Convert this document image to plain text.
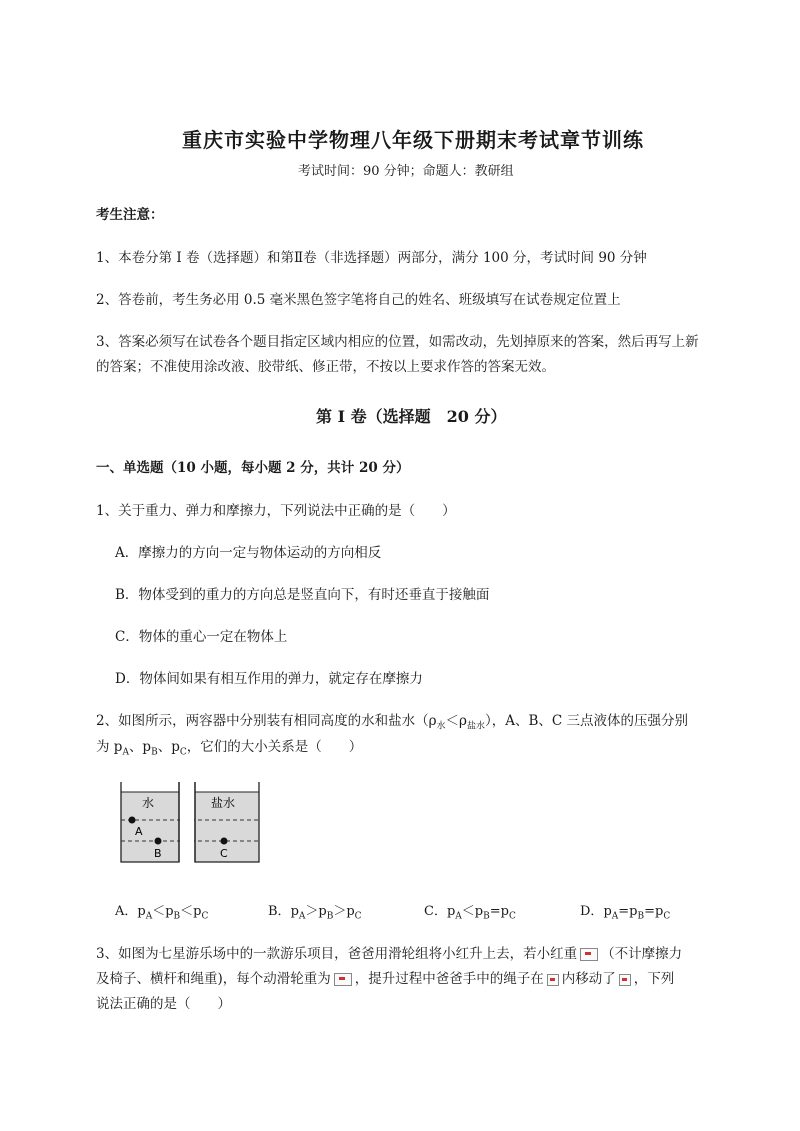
重庆市实验中学物理八年级下册期末考试章节训练
考试时间：90 分钟；命题人：教研组
考生注意：
1、本卷分第 I 卷（选择题）和第Ⅱ卷（非选择题）两部分，满分 100 分，考试时间 90 分钟
2、答卷前，考生务必用 0.5 毫米黑色签字笔将自己的姓名、班级填写在试卷规定位置上
3、答案必须写在试卷各个题目指定区域内相应的位置，如需改动，先划掉原来的答案，然后再写上新
的答案；不准使用涂改液、胶带纸、修正带，不按以上要求作答的答案无效。
第 I 卷（选择题　20 分）
一、单选题（10 小题，每小题 2 分，共计 20 分）
1、关于重力、弹力和摩擦力，下列说法中正确的是（　　）
A．摩擦力的方向一定与物体运动的方向相反
B．物体受到的重力的方向总是竖直向下，有时还垂直于接触面
C．物体的重心一定在物体上
D．物体间如果有相互作用的弹力，就定存在摩擦力
2、如图所示，两容器中分别装有相同高度的水和盐水$(\rho_水<\rho_{盐水})$，A、B、C 三点液体的压强分别
为 $p_A$、$p_B$、$p_C$，它们的大小关系是（　　）
水	盐水
A
B	C
A．$p_A<p_B<p_C$	B．$p_A>p_B>p_C$	C．$p_A<p_B=p_C$	D．$p_A=p_B=p_C$
3、如图为七星游乐场中的一款游乐项目，爸爸用滑轮组将小红升上去，若小红重 （不计摩擦力
及椅子、横杆和绳重)，每个动滑轮重为 ，提升过程中爸爸手中的绳子在 内移动了 ，下列
说法正确的是（　　）
